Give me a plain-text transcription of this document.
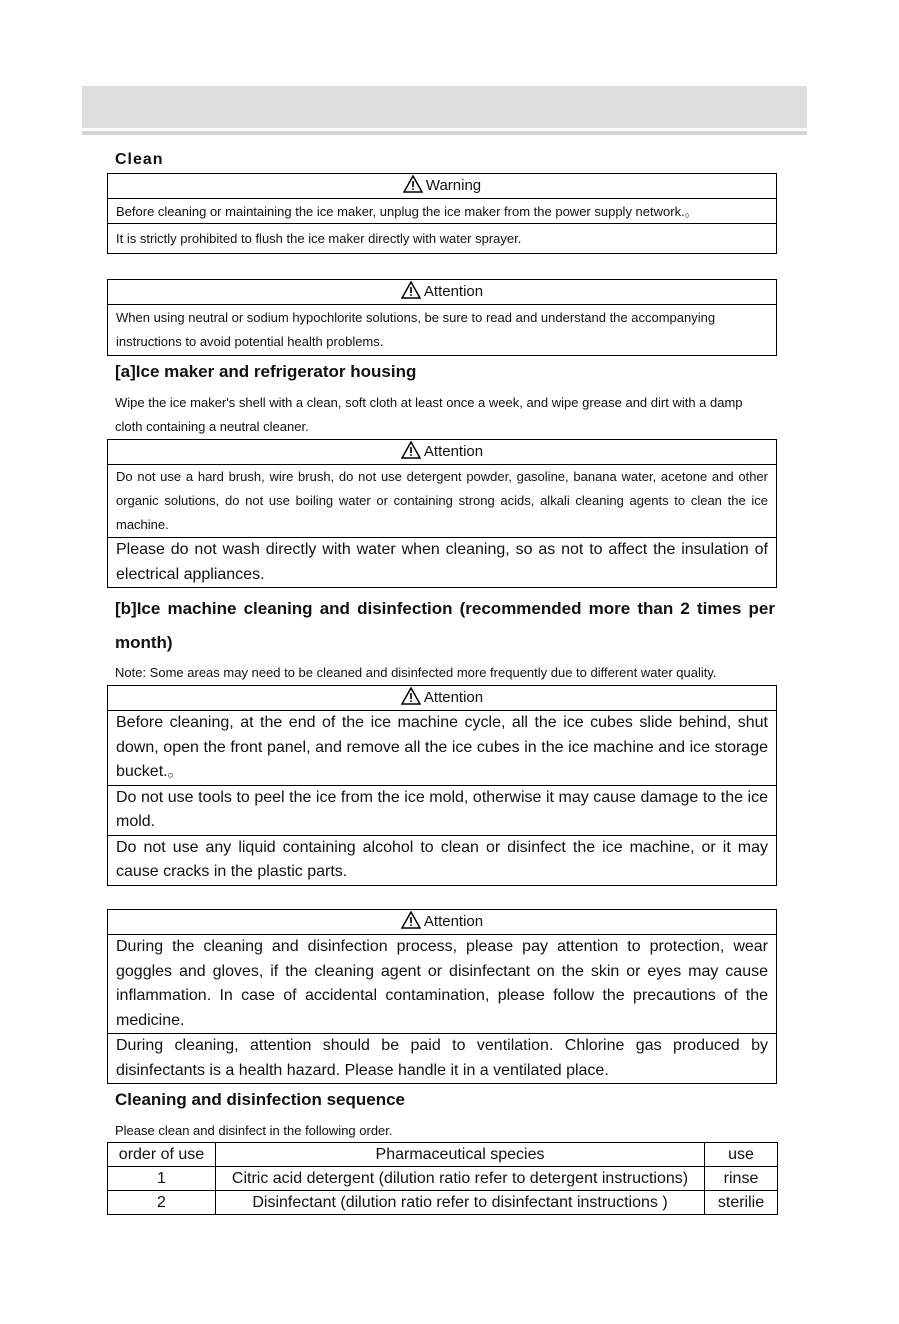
Clean
Warning
Before cleaning or maintaining the ice maker, unplug the ice maker from the power supply network.。
It is strictly prohibited to flush the ice maker directly with water sprayer.
Attention
When using neutral or sodium hypochlorite solutions, be sure to read and understand the accompanying instructions to avoid potential health problems.
[a]Ice maker and refrigerator housing
Wipe the ice maker's shell with a clean, soft cloth at least once a week, and wipe grease and dirt with a damp cloth containing a neutral cleaner.
Attention
Do not use a hard brush, wire brush, do not use detergent powder, gasoline, banana water, acetone and other organic solutions, do not use boiling water or containing strong acids, alkali cleaning agents to clean the ice machine.
Please do not wash directly with water when cleaning, so as not to affect the insulation of electrical appliances.
[b]Ice machine cleaning and disinfection (recommended more than 2 times per month)
Note: Some areas may need to be cleaned and disinfected more frequently due to different water quality.
Attention
Before cleaning, at the end of the ice machine cycle, all the ice cubes slide behind, shut down, open the front panel, and remove all the ice cubes in the ice machine and ice storage bucket.。
Do not use tools to peel the ice from the ice mold, otherwise it may cause damage to the ice mold.
Do not use any liquid containing alcohol to clean or disinfect the ice machine, or it may cause cracks in the plastic parts.
Attention
During the cleaning and disinfection process, please pay attention to protection, wear goggles and gloves, if the cleaning agent or disinfectant on the skin or eyes may cause inflammation. In case of accidental contamination, please follow the precautions of the medicine.
During cleaning, attention should be paid to ventilation. Chlorine gas produced by disinfectants is a health hazard. Please handle it in a ventilated place.
Cleaning and disinfection sequence
Please clean and disinfect in the following order.
order of use	Pharmaceutical species	use
1	Citric acid detergent (dilution ratio refer to detergent instructions)	rinse
2	Disinfectant (dilution ratio refer to disinfectant instructions )	sterilie
